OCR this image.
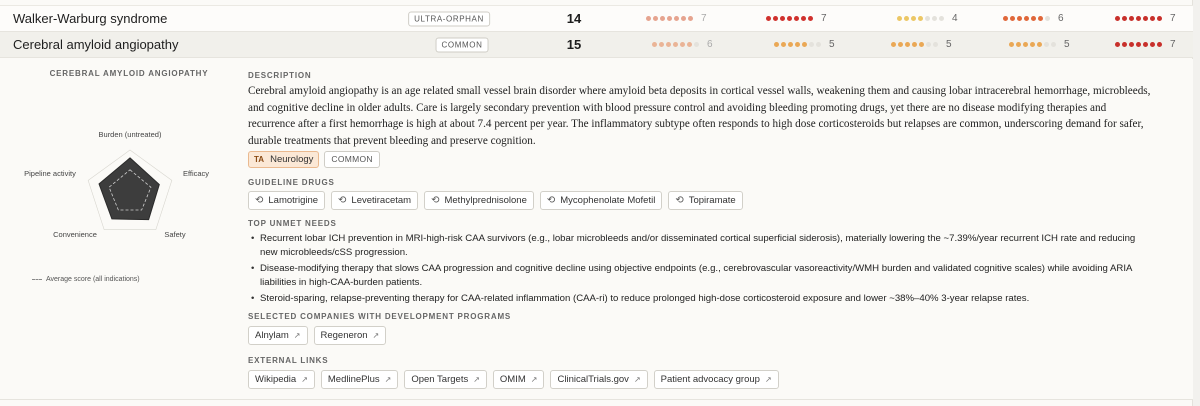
Walker-Warburg syndrome	ULTRA-ORPHAN	14	7	7	4	6	7
Cerebral amyloid angiopathy	COMMON	15	6	5	5	5	7
CEREBRAL AMYLOID ANGIOPATHY
Burden (untreated)
Efficacy
Safety
Convenience
Pipeline activity
Average score (all indications)
DESCRIPTION

Cerebral amyloid angiopathy is an age related small vessel brain disorder where amyloid beta deposits in cortical vessel walls, weakening them and causing lobar intracerebral hemorrhage, microbleeds, and cognitive decline in older adults. Care is largely secondary prevention with blood pressure control and avoiding bleeding promoting drugs, yet there are no disease modifying therapies and recurrence after a first hemorrhage is high at about 7.4 percent per year. The inflammatory subtype often responds to high dose corticosteroids but relapses are common, underscoring demand for safer, durable treatments that prevent bleeding and preserve cognition.

TA Neurology	COMMON
GUIDELINE DRUGS
⟲ Lamotrigine ⟲ Levetiracetam ⟲ Methylprednisolone ⟲ Mycophenolate Mofetil ⟲ Topiramate
TOP UNMET NEEDS
• Recurrent lobar ICH prevention in MRI-high-risk CAA survivors (e.g., lobar microbleeds and/or disseminated cortical superficial siderosis), materially lowering the ~7.39%/year recurrent ICH rate and reducing new microbleeds/cSS progression.
• Disease-modifying therapy that slows CAA progression and cognitive decline using objective endpoints (e.g., cerebrovascular vasoreactivity/WMH burden and validated cognitive scales) while avoiding ARIA liabilities in high-CAA-burden patients.
• Steroid-sparing, relapse-preventing therapy for CAA-related inflammation (CAA-ri) to reduce prolonged high-dose corticosteroid exposure and lower ~38%–40% 3-year relapse rates.
SELECTED COMPANIES WITH DEVELOPMENT PROGRAMS
Alnylam ↗ Regeneron ↗
EXTERNAL LINKS
Wikipedia ↗ MedlinePlus ↗ Open Targets ↗ OMIM ↗ ClinicalTrials.gov ↗ Patient advocacy group ↗
